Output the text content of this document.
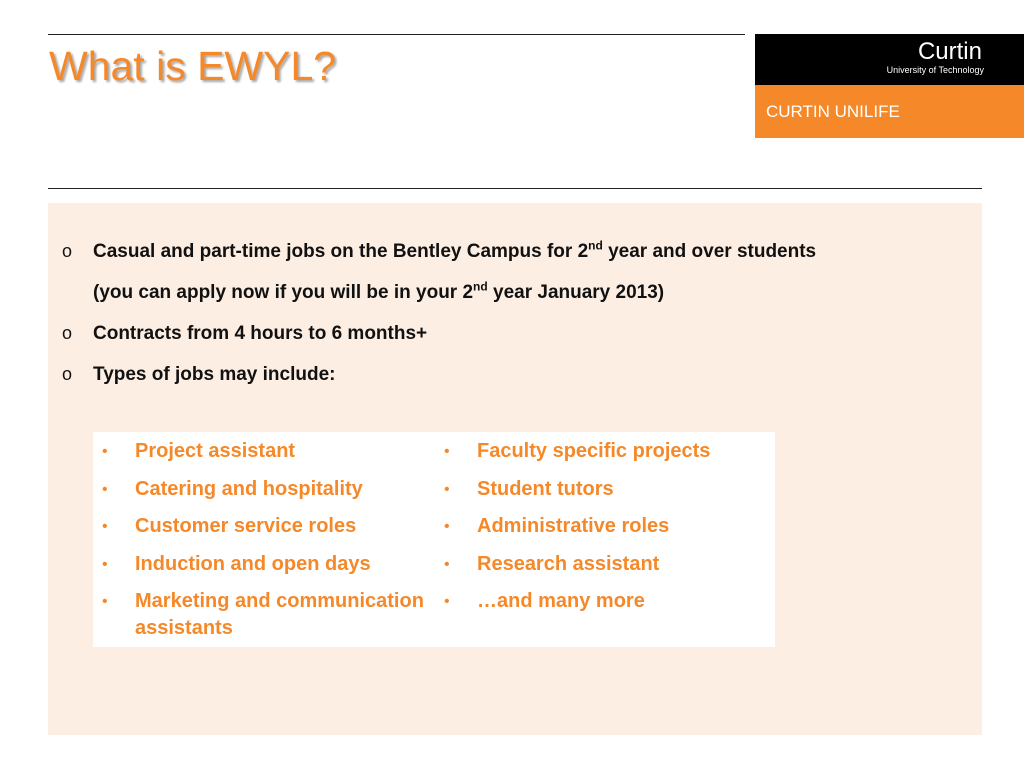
What is EWYL?	Curtin
University of Technology
CURTIN UNILIFE
o Casual and part-time jobs on the Bentley Campus for 2nd year and over students
(you can apply now if you will be in your 2nd year January 2013)
o Contracts from 4 hours to 6 months+
o Types of jobs may include:
• Project assistant
• Catering and hospitality
• Customer service roles
• Induction and open days
• Marketing and communication assistants
• Faculty specific projects
• Student tutors
• Administrative roles
• Research assistant
• …and many more
